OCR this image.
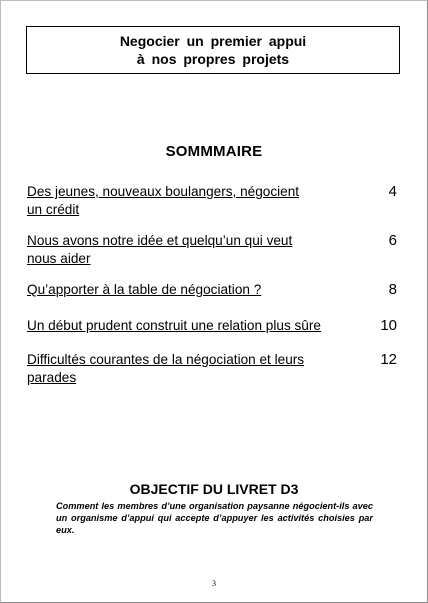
Negocier un premier appui
à nos propres projets
SOMMMAIRE
Des jeunes, nouveaux boulangers, négocient
un crédit
4
Nous avons notre idée et quelqu’un qui veut
nous aider
6
Qu’apporter à la table de négociation ?	8
Un début prudent construit une relation plus sûre	10
Difficultés courantes de la négociation et leurs
parades
12
OBJECTIF DU LIVRET D3
Comment les membres d’une organisation paysanne négocient-ils avec un organisme d’appui qui accepte d’appuyer les activités choisies par eux.
3
